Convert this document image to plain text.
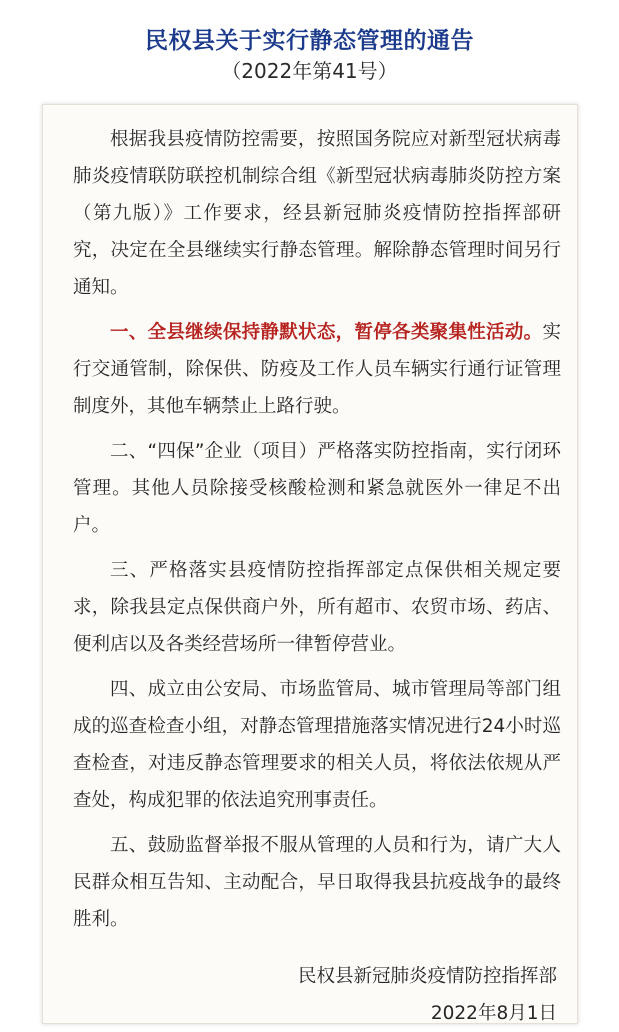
民权县关于实行静态管理的通告
（2022年第41号）

根据我县疫情防控需要，按照国务院应对新型冠状病毒肺炎疫情联防联控机制综合组《新型冠状病毒肺炎防控方案（第九版）》工作要求，经县新冠肺炎疫情防控指挥部研究，决定在全县继续实行静态管理。解除静态管理时间另行通知。

一、全县继续保持静默状态，暂停各类聚集性活动。实行交通管制，除保供、防疫及工作人员车辆实行通行证管理制度外，其他车辆禁止上路行驶。

二、“四保”企业（项目）严格落实防控指南，实行闭环管理。其他人员除接受核酸检测和紧急就医外一律足不出户。

三、严格落实县疫情防控指挥部定点保供相关规定要求，除我县定点保供商户外，所有超市、农贸市场、药店、便利店以及各类经营场所一律暂停营业。

四、成立由公安局、市场监管局、城市管理局等部门组成的巡查检查小组，对静态管理措施落实情况进行24小时巡查检查，对违反静态管理要求的相关人员，将依法依规从严查处，构成犯罪的依法追究刑事责任。

五、鼓励监督举报不服从管理的人员和行为，请广大人民群众相互告知、主动配合，早日取得我县抗疫战争的最终胜利。

民权县新冠肺炎疫情防控指挥部
2022年8月1日
